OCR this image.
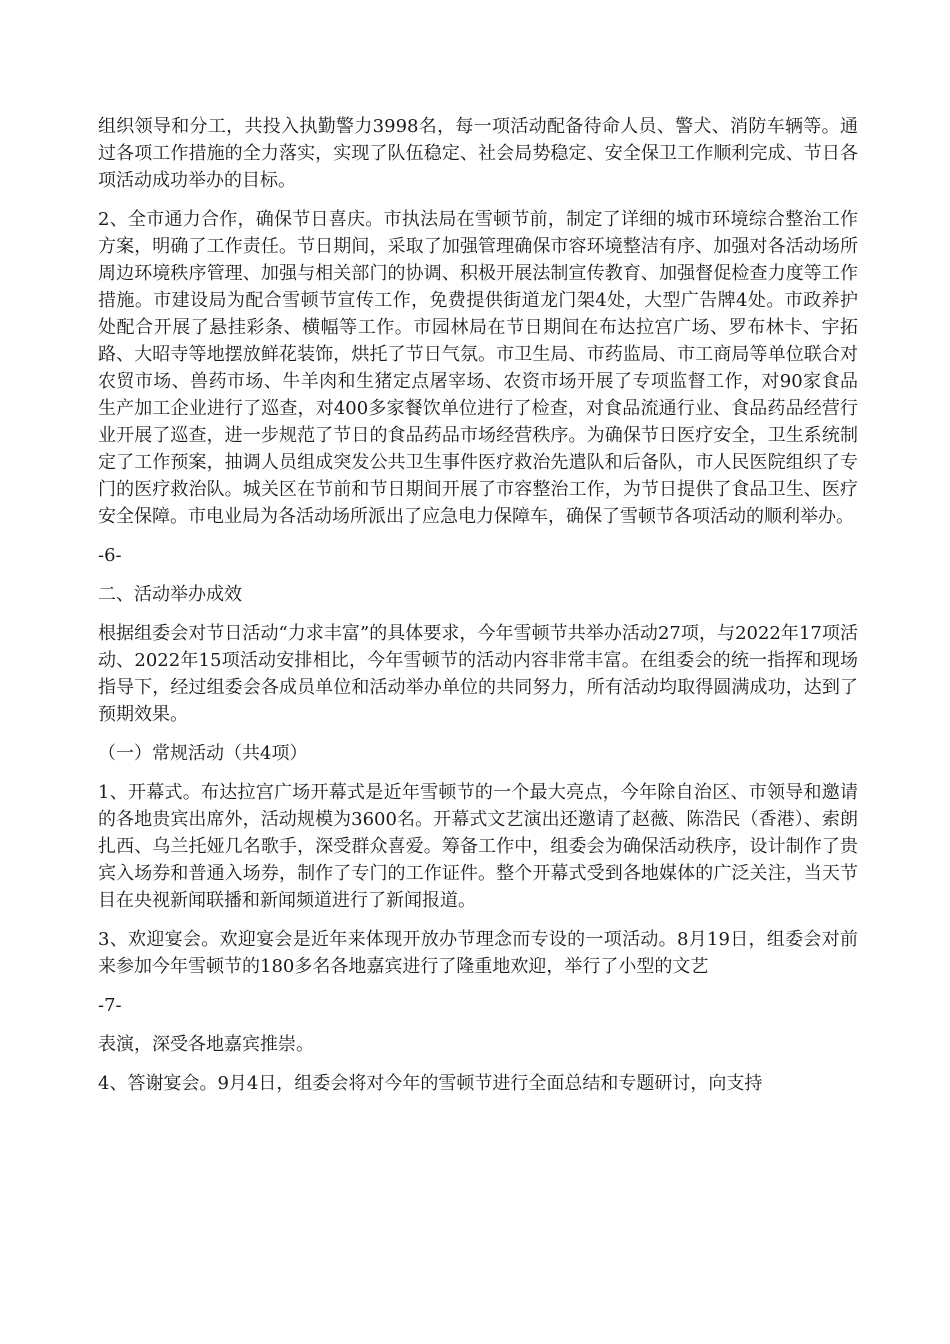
组织领导和分工，共投入执勤警力3998名，每一项活动配备待命人员、警犬、消防车辆等。通过各项工作措施的全力落实，实现了队伍稳定、社会局势稳定、安全保卫工作顺利完成、节日各项活动成功举办的目标。

2、全市通力合作，确保节日喜庆。市执法局在雪顿节前，制定了详细的城市环境综合整治工作方案，明确了工作责任。节日期间，采取了加强管理确保市容环境整洁有序、加强对各活动场所周边环境秩序管理、加强与相关部门的协调、积极开展法制宣传教育、加强督促检查力度等工作措施。市建设局为配合雪顿节宣传工作，免费提供街道龙门架4处，大型广告牌4处。市政养护处配合开展了悬挂彩条、横幅等工作。市园林局在节日期间在布达拉宫广场、罗布林卡、宇拓路、大昭寺等地摆放鲜花装饰，烘托了节日气氛。市卫生局、市药监局、市工商局等单位联合对农贸市场、兽药市场、牛羊肉和生猪定点屠宰场、农资市场开展了专项监督工作，对90家食品生产加工企业进行了巡查，对400多家餐饮单位进行了检查，对食品流通行业、食品药品经营行业开展了巡查，进一步规范了节日的食品药品市场经营秩序。为确保节日医疗安全，卫生系统制定了工作预案，抽调人员组成突发公共卫生事件医疗救治先遣队和后备队，市人民医院组织了专门的医疗救治队。城关区在节前和节日期间开展了市容整治工作，为节日提供了食品卫生、医疗安全保障。市电业局为各活动场所派出了应急电力保障车，确保了雪顿节各项活动的顺利举办。

-6-

二、活动举办成效

根据组委会对节日活动“力求丰富”的具体要求，今年雪顿节共举办活动27项，与2022年17项活动、2022年15项活动安排相比，今年雪顿节的活动内容非常丰富。在组委会的统一指挥和现场指导下，经过组委会各成员单位和活动举办单位的共同努力，所有活动均取得圆满成功，达到了预期效果。

（一）常规活动（共4项）

1、开幕式。布达拉宫广场开幕式是近年雪顿节的一个最大亮点，今年除自治区、市领导和邀请的各地贵宾出席外，活动规模为3600名。开幕式文艺演出还邀请了赵薇、陈浩民（香港）、索朗扎西、乌兰托娅几名歌手，深受群众喜爱。筹备工作中，组委会为确保活动秩序，设计制作了贵宾入场券和普通入场券，制作了专门的工作证件。整个开幕式受到各地媒体的广泛关注，当天节目在央视新闻联播和新闻频道进行了新闻报道。

3、欢迎宴会。欢迎宴会是近年来体现开放办节理念而专设的一项活动。8月19日，组委会对前来参加今年雪顿节的180多名各地嘉宾进行了隆重地欢迎，举行了小型的文艺

-7-

表演，深受各地嘉宾推崇。

4、答谢宴会。9月4日，组委会将对今年的雪顿节进行全面总结和专题研讨，向支持
